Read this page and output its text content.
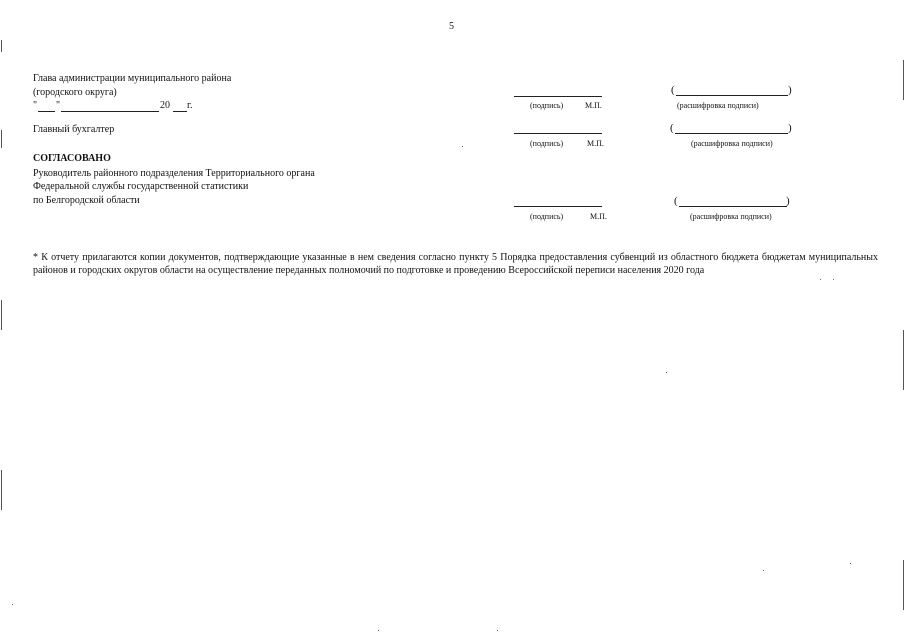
5
Глава администрации муниципального района
(городского округа)
" "	20 г.	(подпись)	М.П.
(	)
(расшифровка подписи)
Главный бухгалтер
(подпись)	М.П.
(	)
(расшифровка подписи)
СОГЛАСОВАНО
Руководитель районного подразделения Территориального органа
Федеральной службы государственной статистики
по Белгородской области
(подпись)	М.П.
(	)
(расшифровка подписи)
* К отчету прилагаются копии документов, подтверждающие указанные в нем сведения согласно пункту 5 Порядка предоставления субвенций из областного бюджета бюджетам муниципальных районов и городских округов области на осуществление переданных полномочий по подготовке и проведению Всероссийской переписи населения 2020 года
